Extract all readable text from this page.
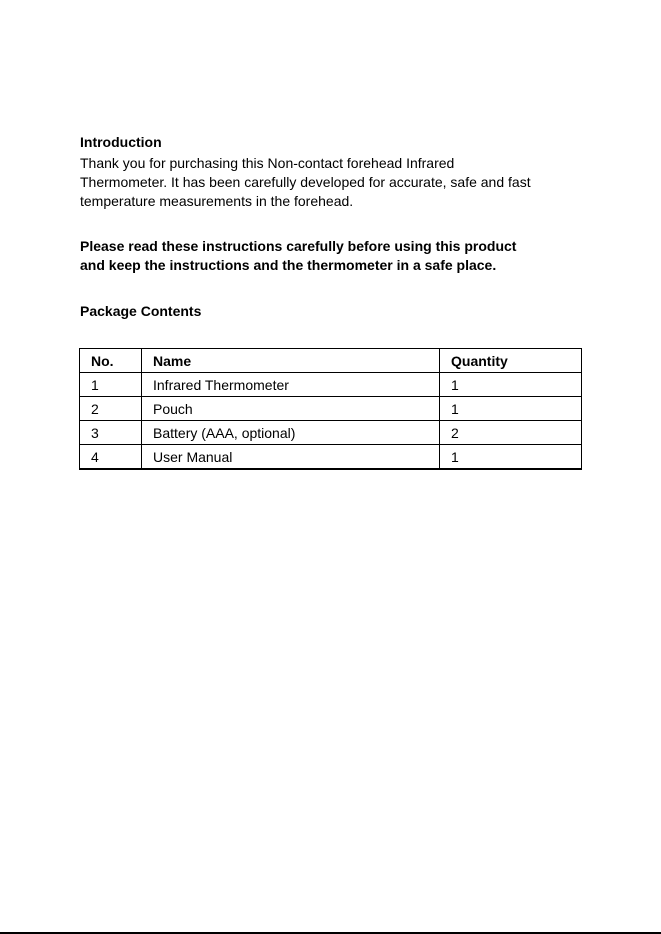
Introduction

Thank you for purchasing this Non-contact forehead Infrared
Thermometer. It has been carefully developed for accurate, safe and fast
temperature measurements in the forehead.

Please read these instructions carefully before using this product
and keep the instructions and the thermometer in a safe place.

Package Contents
No.	Name	Quantity
1	Infrared Thermometer	1
2	Pouch	1
3	Battery (AAA, optional)	2
4	User Manual	1
